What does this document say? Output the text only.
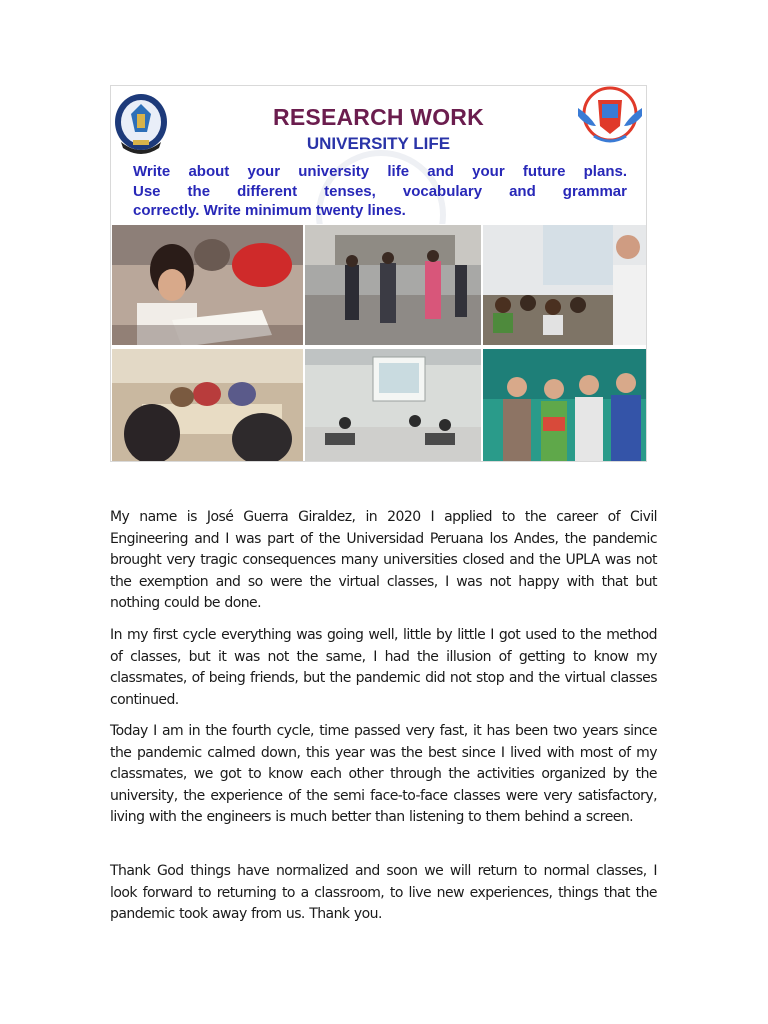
RESEARCH WORK
UNIVERSITY LIFE
Write about your university life and your future plans.
Use the different tenses, vocabulary and grammar
correctly. Write minimum twenty lines.

My name is José Guerra Giraldez, in 2020 I applied to the career of Civil Engineering and I was part of the Universidad Peruana los Andes, the pandemic brought very tragic consequences many universities closed and the UPLA was not the exemption and so were the virtual classes, I was not happy with that but nothing could be done.

In my first cycle everything was going well, little by little I got used to the method of classes, but it was not the same, I had the illusion of getting to know my classmates, of being friends, but the pandemic did not stop and the virtual classes continued.

Today I am in the fourth cycle, time passed very fast, it has been two years since the pandemic calmed down, this year was the best since I lived with most of my classmates, we got to know each other through the activities organized by the university, the experience of the semi face-to-face classes were very satisfactory, living with the engineers is much better than listening to them behind a screen.

Thank God things have normalized and soon we will return to normal classes, I look forward to returning to a classroom, to live new experiences, things that the pandemic took away from us. Thank you.
